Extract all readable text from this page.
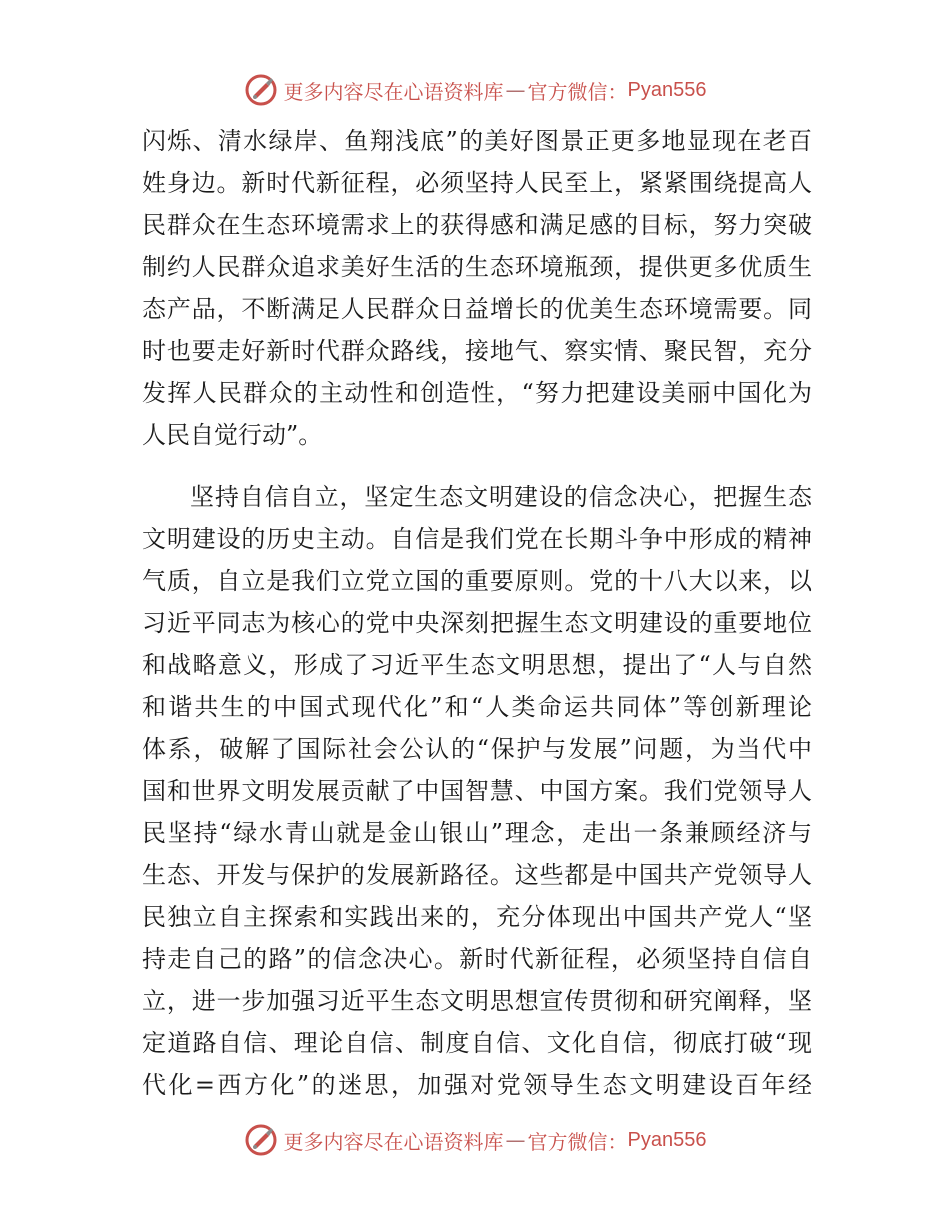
更多内容尽在心语资料库 — 官方微信： Pyan556
闪烁、清水绿岸、鱼翔浅底”的美好图景正更多地显现在老百
姓身边。新时代新征程，必须坚持人民至上，紧紧围绕提高人
民群众在生态环境需求上的获得感和满足感的目标，努力突破
制约人民群众追求美好生活的生态环境瓶颈，提供更多优质生
态产品，不断满足人民群众日益增长的优美生态环境需要。同
时也要走好新时代群众路线，接地气、察实情、聚民智，充分
发挥人民群众的主动性和创造性，“努力把建设美丽中国化为
人民自觉行动”。
坚持自信自立，坚定生态文明建设的信念决心，把握生态
文明建设的历史主动。自信是我们党在长期斗争中形成的精神
气质，自立是我们立党立国的重要原则。党的十八大以来，以
习近平同志为核心的党中央深刻把握生态文明建设的重要地位
和战略意义，形成了习近平生态文明思想，提出了“人与自然
和谐共生的中国式现代化”和“人类命运共同体”等创新理论
体系，破解了国际社会公认的“保护与发展”问题，为当代中
国和世界文明发展贡献了中国智慧、中国方案。我们党领导人
民坚持“绿水青山就是金山银山”理念，走出一条兼顾经济与
生态、开发与保护的发展新路径。这些都是中国共产党领导人
民独立自主探索和实践出来的，充分体现出中国共产党人“坚
持走自己的路”的信念决心。新时代新征程，必须坚持自信自
立，进一步加强习近平生态文明思想宣传贯彻和研究阐释，坚
定道路自信、理论自信、制度自信、文化自信，彻底打破“现
代化=西方化”的迷思，加强对党领导生态文明建设百年经
更多内容尽在心语资料库 — 官方微信： Pyan556
